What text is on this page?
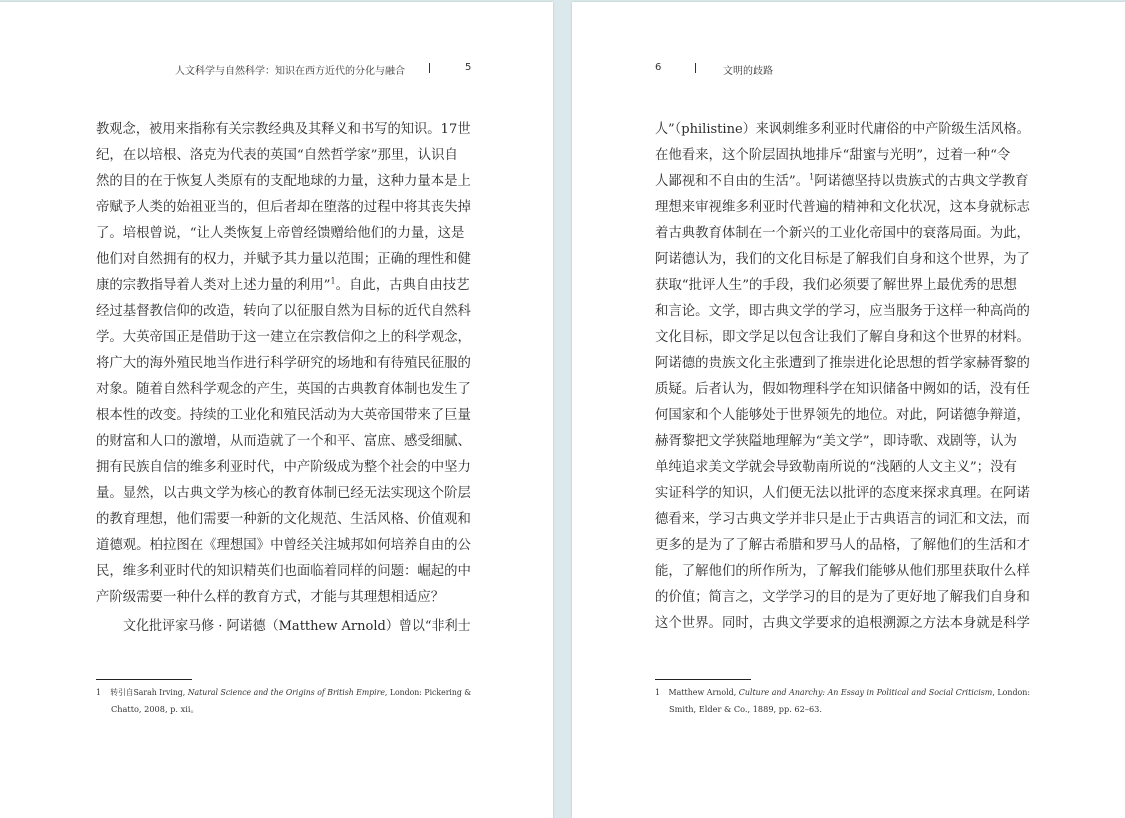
人文科学与自然科学：知识在西方近代的分化与融合	5
教观念，被用来指称有关宗教经典及其释义和书写的知识。17世
纪，在以培根、洛克为代表的英国“自然哲学家”那里，认识自
然的目的在于恢复人类原有的支配地球的力量，这种力量本是上
帝赋予人类的始祖亚当的，但后者却在堕落的过程中将其丧失掉
了。培根曾说，“让人类恢复上帝曾经馈赠给他们的力量，这是
他们对自然拥有的权力，并赋予其力量以范围；正确的理性和健
康的宗教指导着人类对上述力量的利用”$^1$。自此，古典自由技艺
经过基督教信仰的改造，转向了以征服自然为目标的近代自然科
学。大英帝国正是借助于这一建立在宗教信仰之上的科学观念，
将广大的海外殖民地当作进行科学研究的场地和有待殖民征服的
对象。随着自然科学观念的产生，英国的古典教育体制也发生了
根本性的改变。持续的工业化和殖民活动为大英帝国带来了巨量
的财富和人口的激增，从而造就了一个和平、富庶、感受细腻、
拥有民族自信的维多利亚时代，中产阶级成为整个社会的中坚力
量。显然，以古典文学为核心的教育体制已经无法实现这个阶层
的教育理想，他们需要一种新的文化规范、生活风格、价值观和
道德观。柏拉图在《理想国》中曾经关注城邦如何培养自由的公
民，维多利亚时代的知识精英们也面临着同样的问题：崛起的中
产阶级需要一种什么样的教育方式，才能与其理想相适应？
文化批评家马修 · 阿诺德（Matthew Arnold）曾以“非利士
1 转引自Sarah Irving, Natural Science and the Origins of British Empire, London: Pickering &
Chatto, 2008, p. xii。
6	文明的歧路
人”（philistine）来讽刺维多利亚时代庸俗的中产阶级生活风格。
在他看来，这个阶层固执地排斥“甜蜜与光明”，过着一种“令
人鄙视和不自由的生活”。$^1$阿诺德坚持以贵族式的古典文学教育
理想来审视维多利亚时代普遍的精神和文化状况，这本身就标志
着古典教育体制在一个新兴的工业化帝国中的衰落局面。为此，
阿诺德认为，我们的文化目标是了解我们自身和这个世界，为了
获取“批评人生”的手段，我们必须要了解世界上最优秀的思想
和言论。文学，即古典文学的学习，应当服务于这样一种高尚的
文化目标，即文学足以包含让我们了解自身和这个世界的材料。
阿诺德的贵族文化主张遭到了推崇进化论思想的哲学家赫胥黎的
质疑。后者认为，假如物理科学在知识储备中阙如的话，没有任
何国家和个人能够处于世界领先的地位。对此，阿诺德争辩道，
赫胥黎把文学狭隘地理解为“美文学”，即诗歌、戏剧等，认为
单纯追求美文学就会导致勒南所说的“浅陋的人文主义”；没有
实证科学的知识，人们便无法以批评的态度来探求真理。在阿诺
德看来，学习古典文学并非只是止于古典语言的词汇和文法，而
更多的是为了了解古希腊和罗马人的品格，了解他们的生活和才
能，了解他们的所作所为，了解我们能够从他们那里获取什么样
的价值；简言之，文学学习的目的是为了更好地了解我们自身和
这个世界。同时，古典文学要求的追根溯源之方法本身就是科学
1 Matthew Arnold, Culture and Anarchy: An Essay in Political and Social Criticism, London:
Smith, Elder & Co., 1889, pp. 62–63.
